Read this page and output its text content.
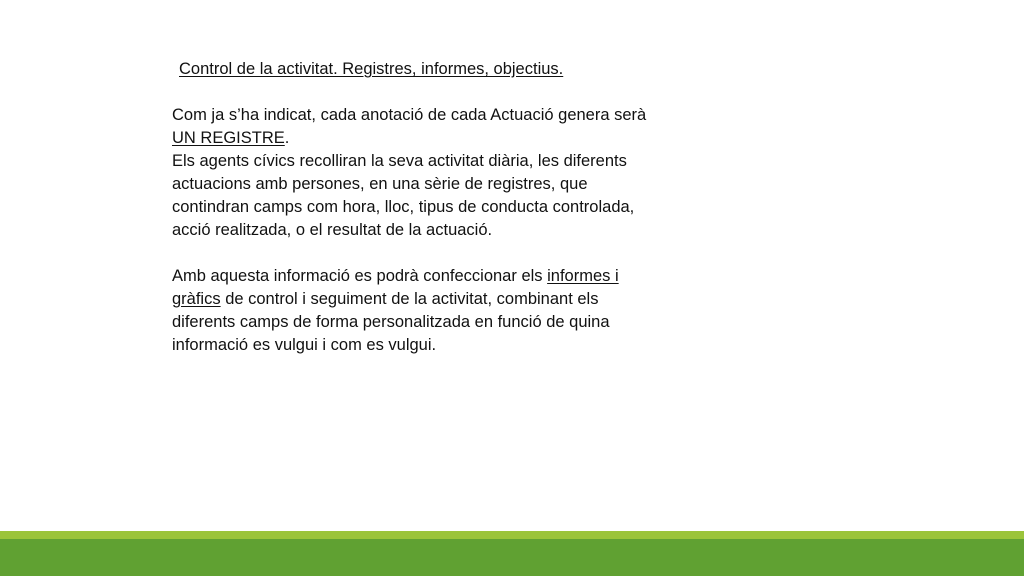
Control de la activitat. Registres, informes, objectius.
Com ja s’ha indicat, cada anotació de cada Actuació genera serà
UN REGISTRE.
Els agents cívics recolliran la seva activitat diària, les diferents
actuacions amb persones, en una sèrie de registres, que
contindran camps com hora, lloc, tipus de conducta controlada,
acció realitzada, o el resultat de la actuació.
Amb aquesta informació es podrà confeccionar els informes i
gràfics de control i seguiment de la activitat, combinant els
diferents camps de forma personalitzada en funció de quina
informació es vulgui i com es vulgui.
